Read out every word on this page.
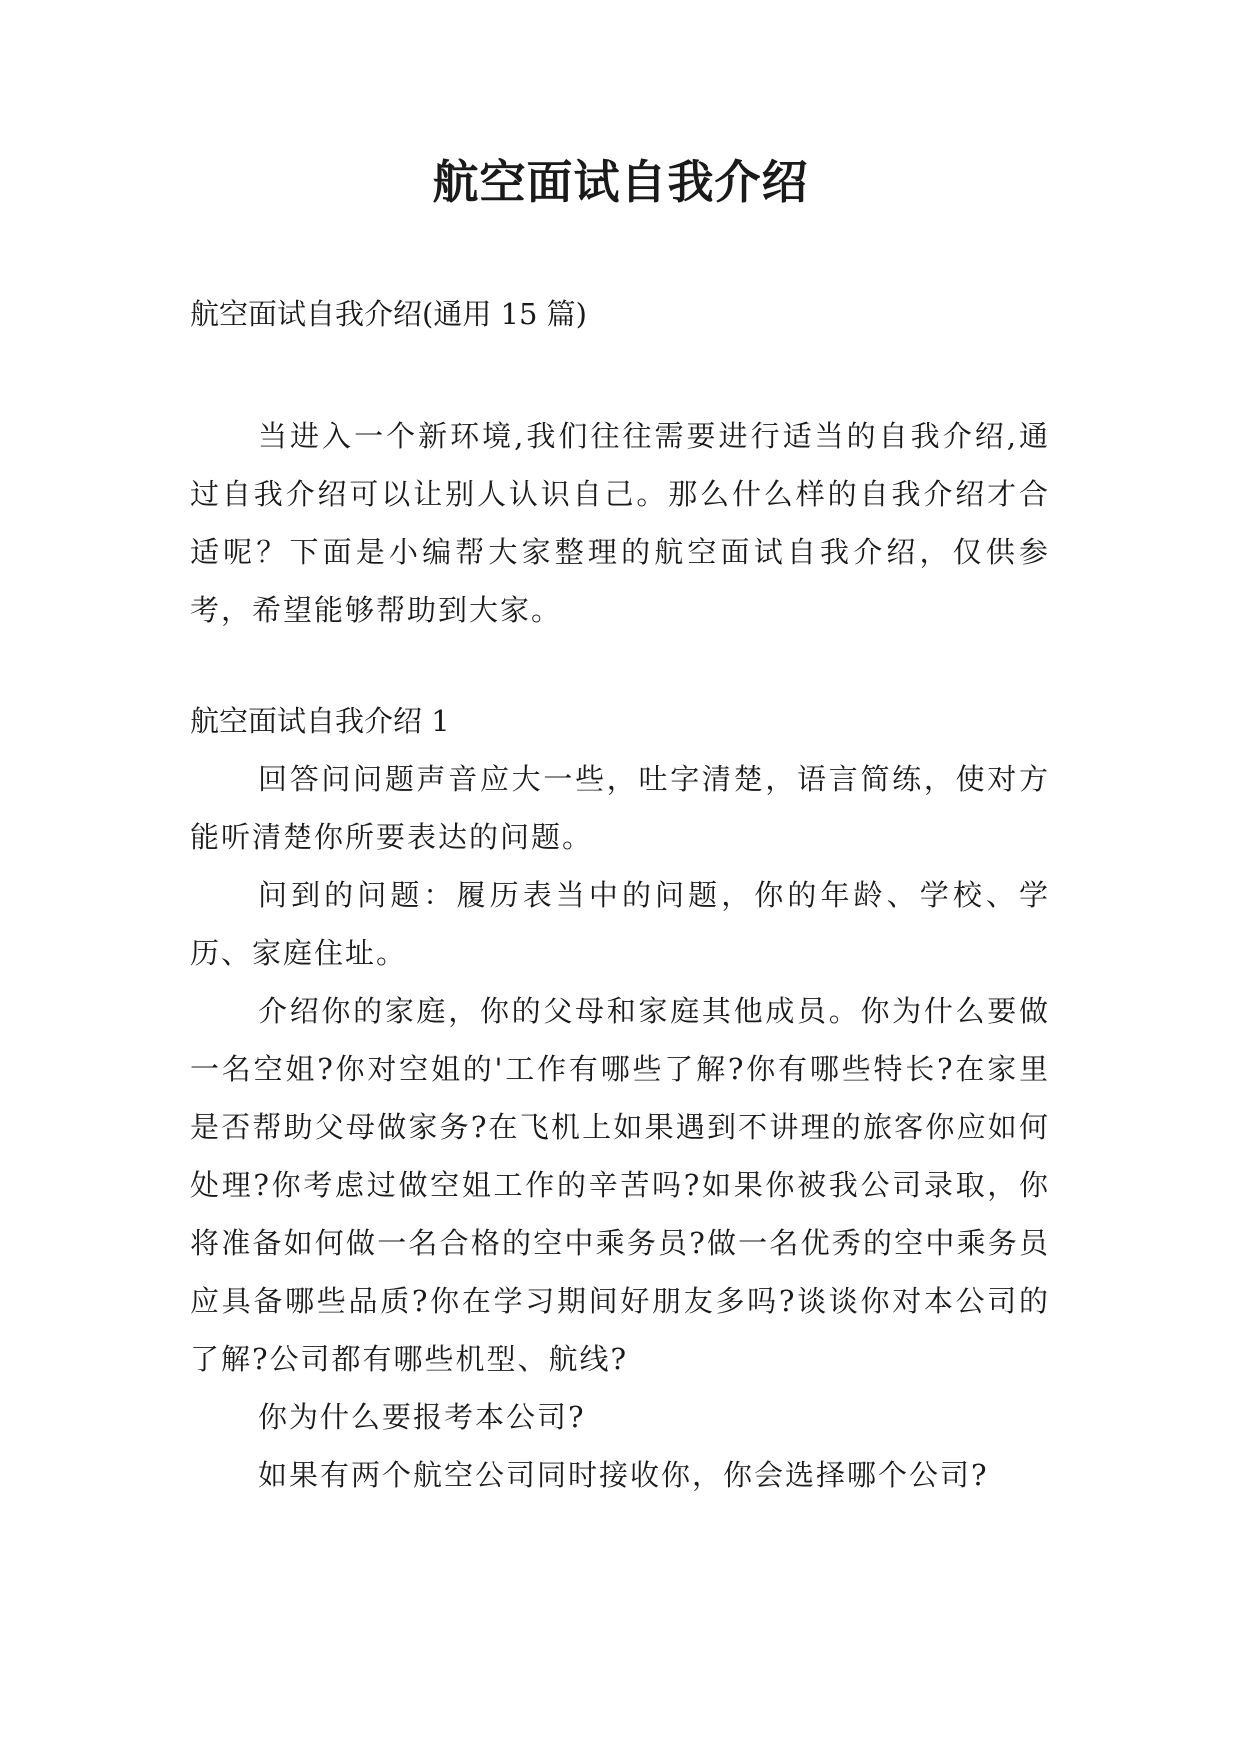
航空面试自我介绍
航空面试自我介绍(通用 15 篇)

当进入一个新环境,我们往往需要进行适当的自我介绍,通过自我介绍可以让别人认识自己。那么什么样的自我介绍才合适呢？下面是小编帮大家整理的航空面试自我介绍，仅供参考，希望能够帮助到大家。

航空面试自我介绍 1

回答问问题声音应大一些，吐字清楚，语言简练，使对方能听清楚你所要表达的问题。

问到的问题：履历表当中的问题，你的年龄、学校、学历、家庭住址。

介绍你的家庭，你的父母和家庭其他成员。你为什么要做一名空姐?你对空姐的'工作有哪些了解?你有哪些特长?在家里是否帮助父母做家务?在飞机上如果遇到不讲理的旅客你应如何处理?你考虑过做空姐工作的辛苦吗?如果你被我公司录取，你将准备如何做一名合格的空中乘务员?做一名优秀的空中乘务员应具备哪些品质?你在学习期间好朋友多吗?谈谈你对本公司的了解?公司都有哪些机型、航线?

你为什么要报考本公司?

如果有两个航空公司同时接收你，你会选择哪个公司?
